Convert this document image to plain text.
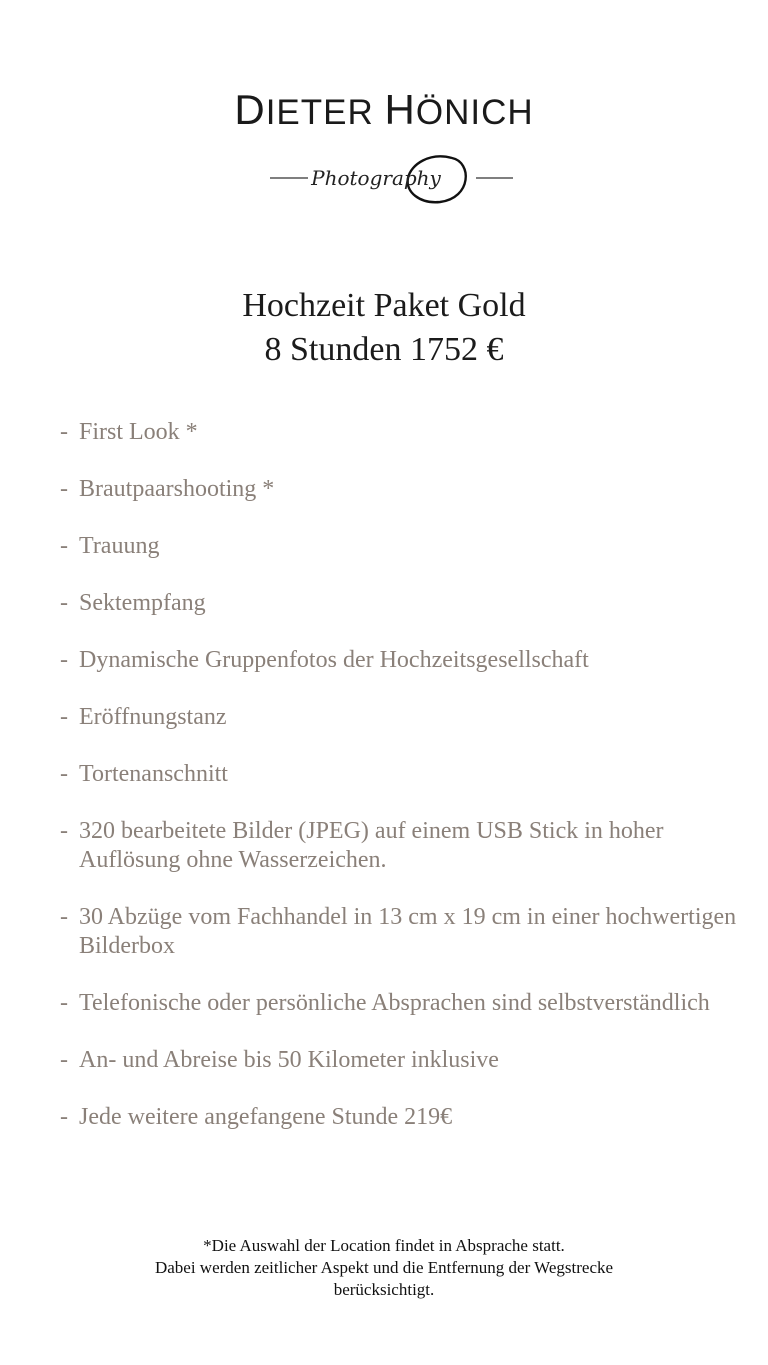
DIETER HÖNICH
Photography
Hochzeit Paket Gold
8 Stunden 1752 €
- First Look *
- Brautpaarshooting *
- Trauung
- Sektempfang
- Dynamische Gruppenfotos der Hochzeitsgesellschaft
- Eröffnungstanz
- Tortenanschnitt
- 320 bearbeitete Bilder (JPEG) auf einem USB Stick in hoher Auflösung ohne Wasserzeichen.
- 30 Abzüge vom Fachhandel in 13 cm x 19 cm in einer hochwertigen Bilderbox
- Telefonische oder persönliche Absprachen sind selbstverständlich
- An- und Abreise bis 50 Kilometer inklusive
- Jede weitere angefangene Stunde 219€
*Die Auswahl der Location findet in Absprache statt.
Dabei werden zeitlicher Aspekt und die Entfernung der Wegstrecke
berücksichtigt.
